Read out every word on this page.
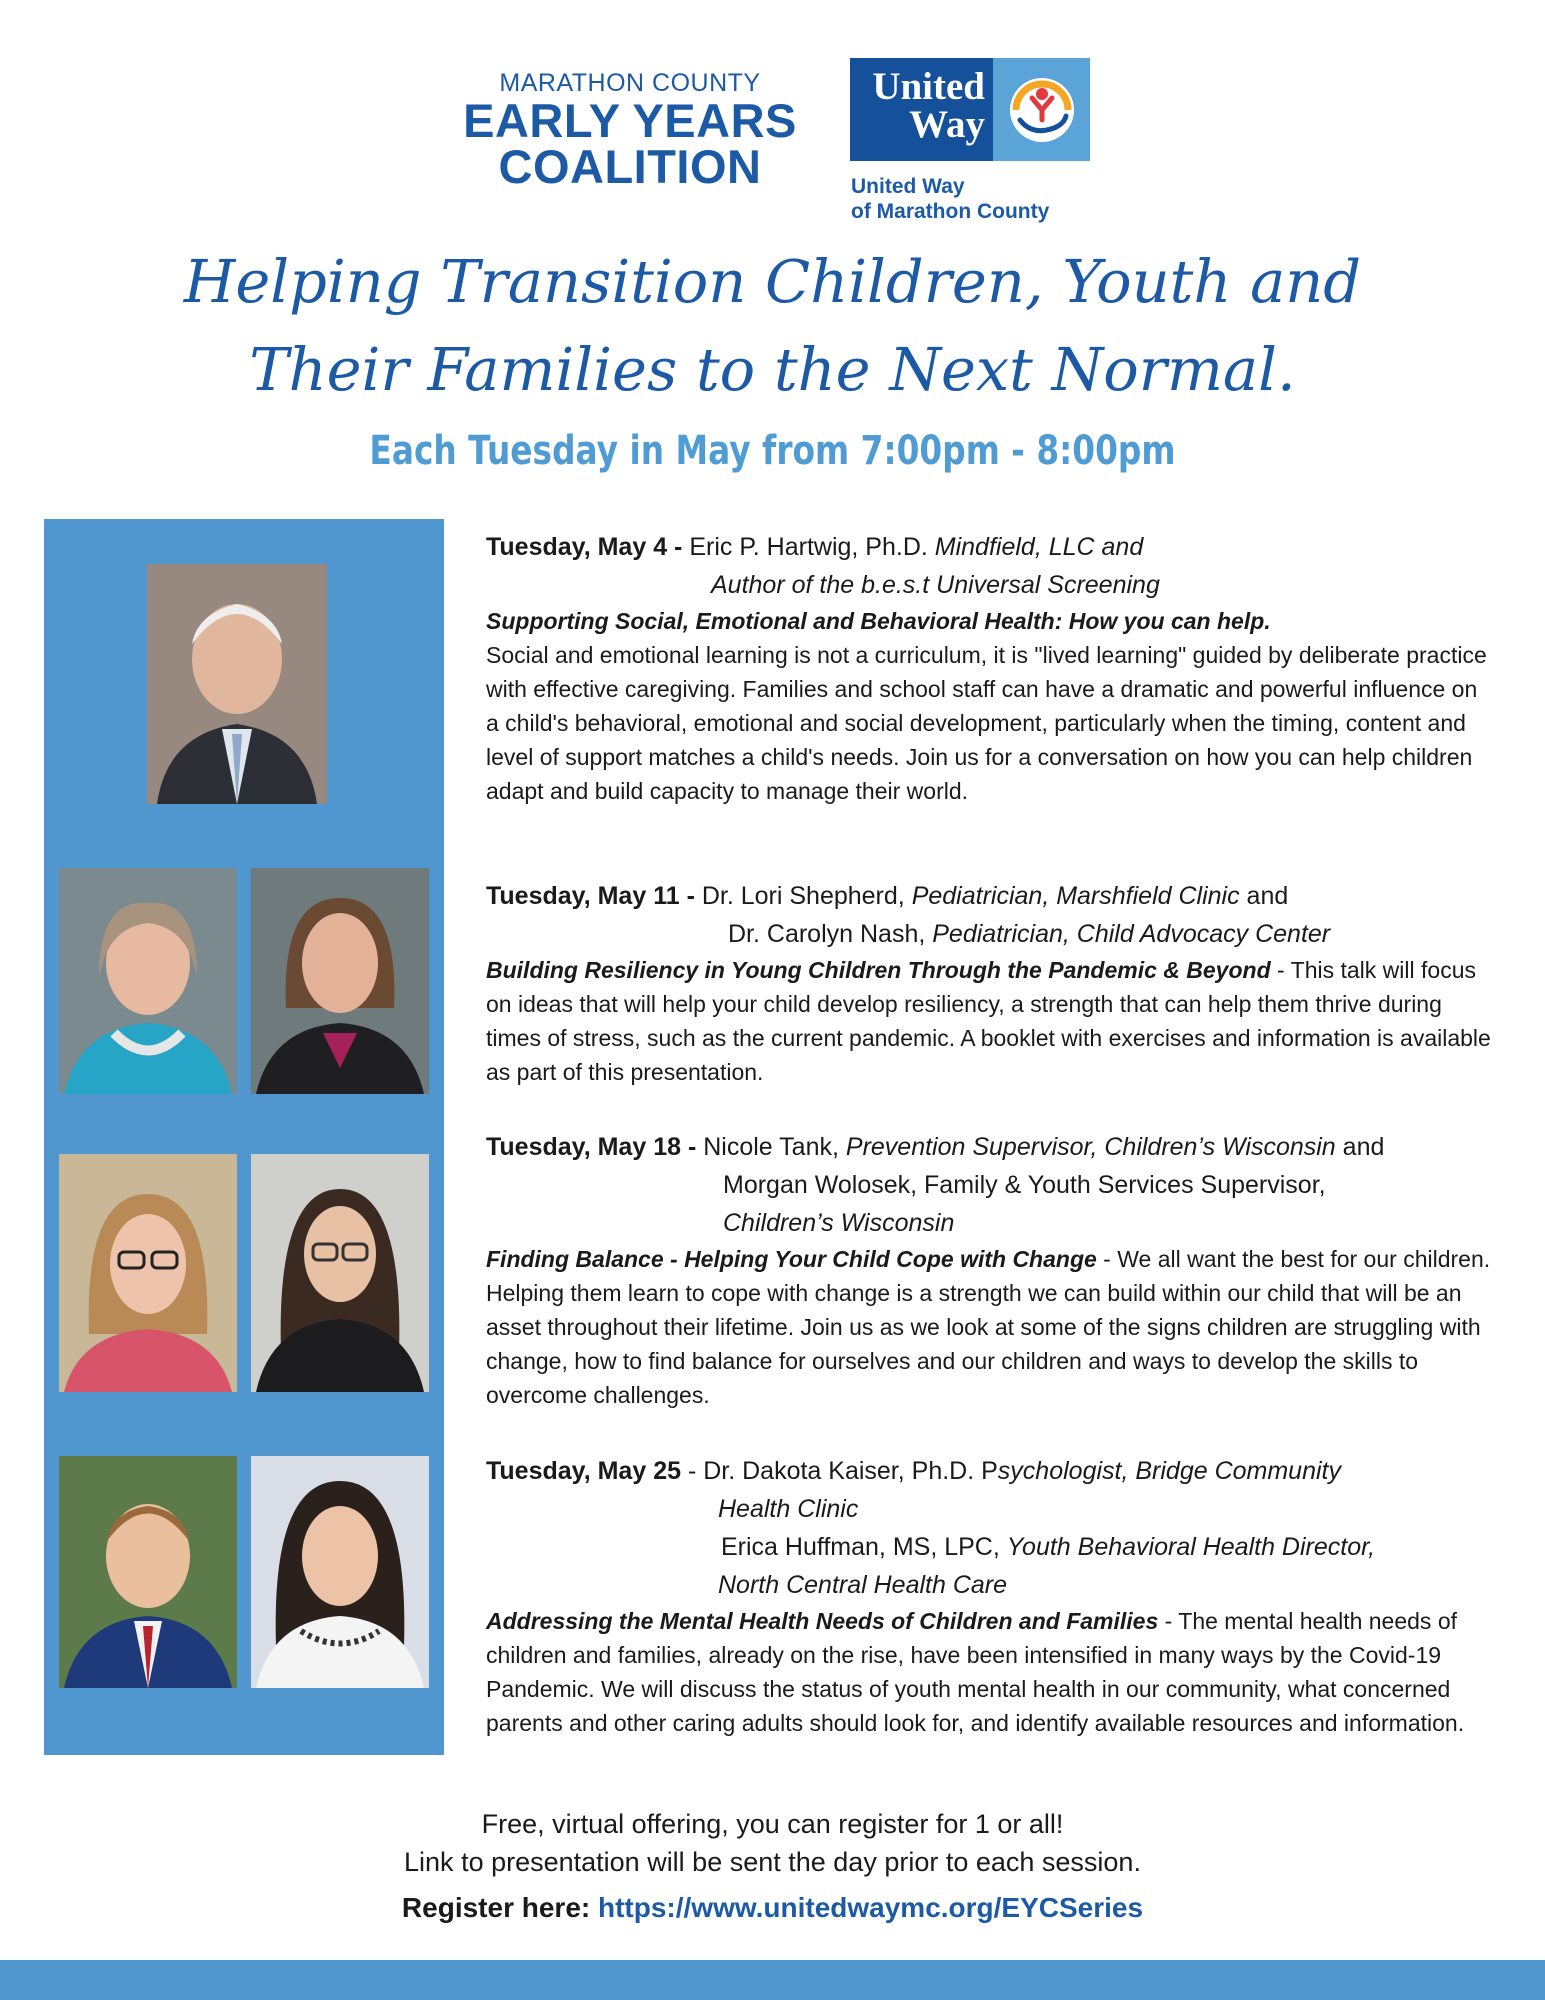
MARATHON COUNTY
EARLY YEARS
COALITION
United
Way
United Way
of Marathon County
Helping Transition Children, Youth and
Their Families to the Next Normal.
Each Tuesday in May from 7:00pm - 8:00pm
Tuesday, May 4 - Eric P. Hartwig, Ph.D. Mindfield, LLC and
Author of the b.e.s.t Universal Screening
Supporting Social, Emotional and Behavioral Health: How you can help.
Social and emotional learning is not a curriculum, it is "lived learning" guided by deliberate practice with effective caregiving. Families and school staff can have a dramatic and powerful influence on a child's behavioral, emotional and social development, particularly when the timing, content and level of support matches a child's needs. Join us for a conversation on how you can help children adapt and build capacity to manage their world.
Tuesday, May 11 - Dr. Lori Shepherd, Pediatrician, Marshfield Clinic and
Dr. Carolyn Nash, Pediatrician, Child Advocacy Center
Building Resiliency in Young Children Through the Pandemic & Beyond - This talk will focus on ideas that will help your child develop resiliency, a strength that can help them thrive during times of stress, such as the current pandemic. A booklet with exercises and information is available as part of this presentation.
Tuesday, May 18 - Nicole Tank, Prevention Supervisor, Children’s Wisconsin and
Morgan Wolosek, Family & Youth Services Supervisor,
Children’s Wisconsin
Finding Balance - Helping Your Child Cope with Change - We all want the best for our children. Helping them learn to cope with change is a strength we can build within our child that will be an asset throughout their lifetime. Join us as we look at some of the signs children are struggling with change, how to find balance for ourselves and our children and ways to develop the skills to overcome challenges.
Tuesday, May 25 - Dr. Dakota Kaiser, Ph.D. Psychologist, Bridge Community
Health Clinic
Erica Huffman, MS, LPC, Youth Behavioral Health Director,
North Central Health Care
Addressing the Mental Health Needs of Children and Families - The mental health needs of children and families, already on the rise, have been intensified in many ways by the Covid-19 Pandemic. We will discuss the status of youth mental health in our community, what concerned parents and other caring adults should look for, and identify available resources and information.
Free, virtual offering, you can register for 1 or all!
Link to presentation will be sent the day prior to each session.
Register here: https://www.unitedwaymc.org/EYCSeries
